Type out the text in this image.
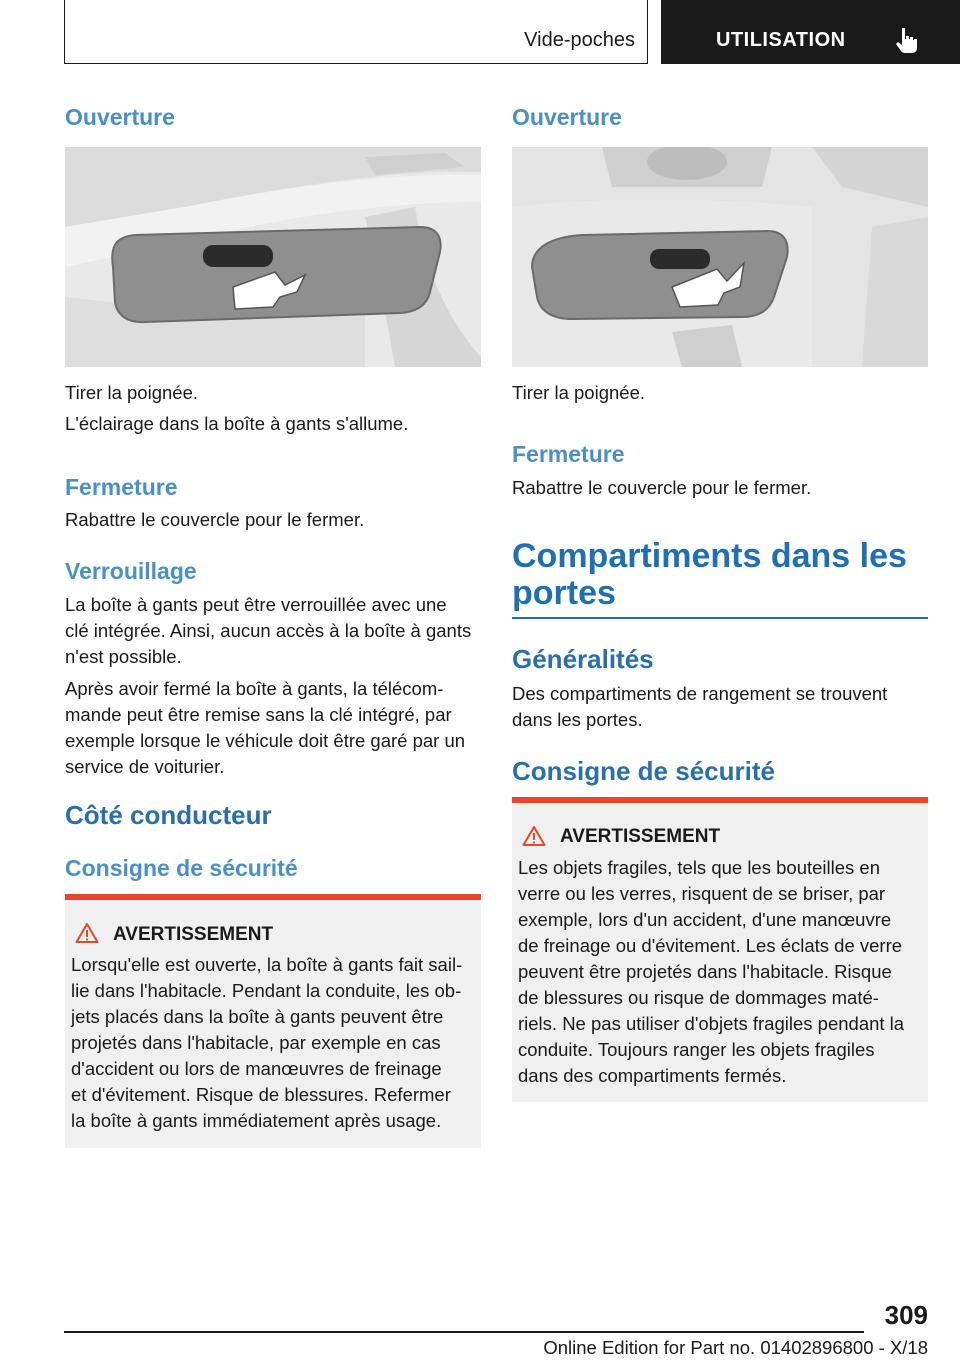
Vide-poches	UTILISATION
Ouverture

Tirer la poignée.

L'éclairage dans la boîte à gants s'allume.

Fermeture

Rabattre le couvercle pour le fermer.

Verrouillage

La boîte à gants peut être verrouillée avec une

clé intégrée. Ainsi, aucun accès à la boîte à gants

n'est possible.

Après avoir fermé la boîte à gants, la télécom‐

mande peut être remise sans la clé intégré, par

exemple lorsque le véhicule doit être garé par un

service de voiturier.

Côté conducteur
Consigne de sécurité
AVERTISSEMENT

Lorsqu'elle est ouverte, la boîte à gants fait sail‐

lie dans l'habitacle. Pendant la conduite, les ob‐

jets placés dans la boîte à gants peuvent être

projetés dans l'habitacle, par exemple en cas

d'accident ou lors de manœuvres de freinage

et d'évitement. Risque de blessures. Refermer

la boîte à gants immédiatement après usage.

Ouverture

Tirer la poignée.

Fermeture

Rabattre le couvercle pour le fermer.

Compartiments dans les
portes
Généralités

Des compartiments de rangement se trouvent

dans les portes.

Consigne de sécurité
AVERTISSEMENT

Les objets fragiles, tels que les bouteilles en

verre ou les verres, risquent de se briser, par

exemple, lors d'un accident, d'une manœuvre

de freinage ou d'évitement. Les éclats de verre

peuvent être projetés dans l'habitacle. Risque

de blessures ou risque de dommages maté‐

riels. Ne pas utiliser d'objets fragiles pendant la

conduite. Toujours ranger les objets fragiles

dans des compartiments fermés.

309
Online Edition for Part no. 01402896800 - X/18
